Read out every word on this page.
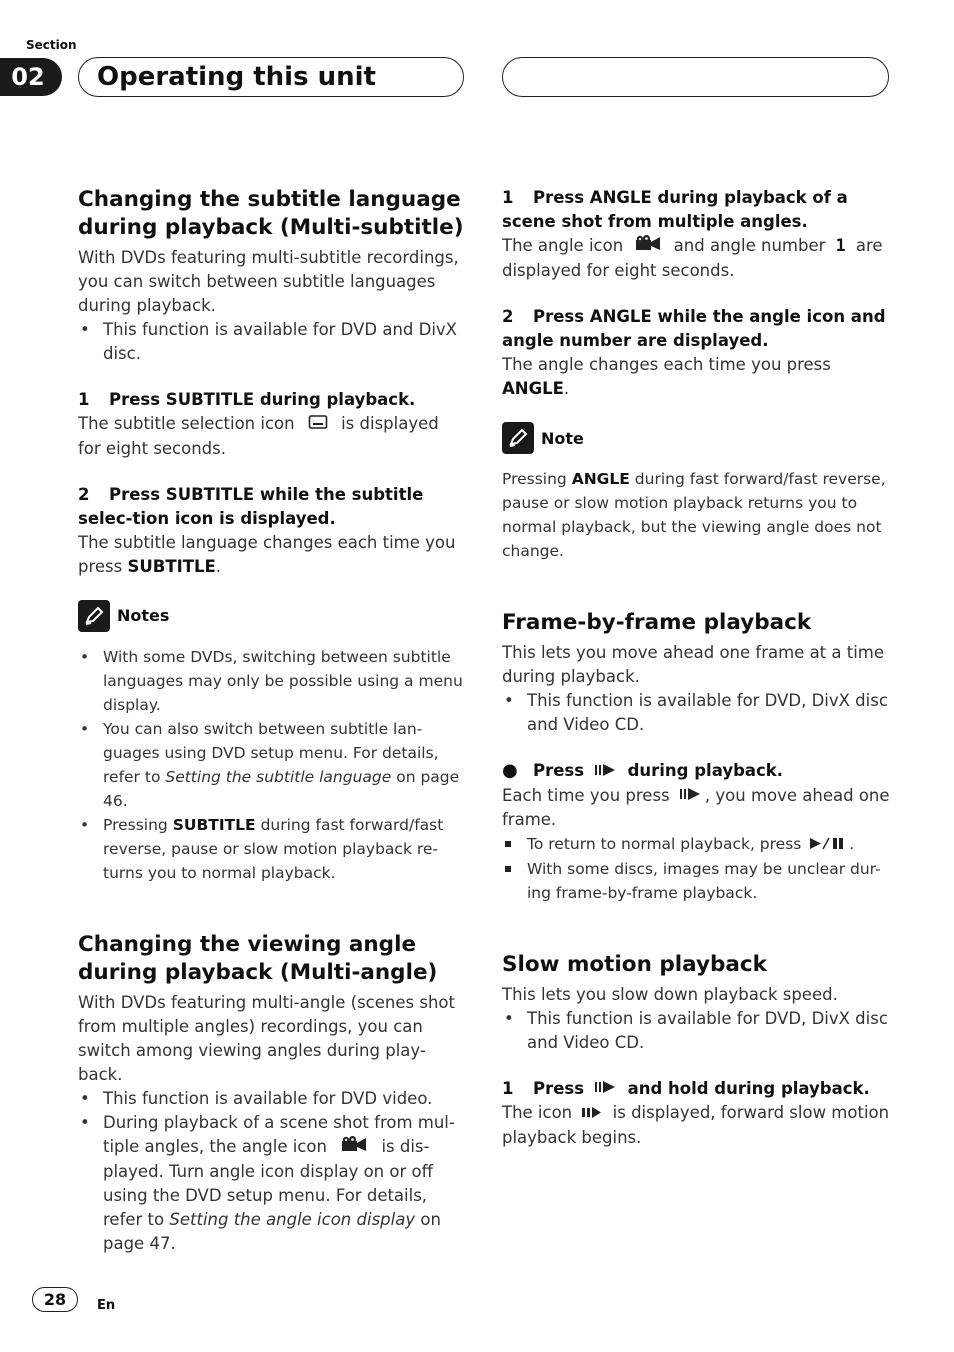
Section
02	Operating this unit
Changing the subtitle language during playback (Multi-subtitle)

With DVDs featuring multi-subtitle recordings, you can switch between subtitle languages during playback.

• This function is available for DVD and DivX disc.
1 Press SUBTITLE during playback.

The subtitle selection icon	is displayed for eight seconds.

2 Press SUBTITLE while the subtitle selec-tion icon is displayed.

The subtitle language changes each time you press SUBTITLE.

Notes
• With some DVDs, switching between subtitle languages may only be possible using a menu display.
• You can also switch between subtitle lan-guages using DVD setup menu. For details, refer to Setting the subtitle language on page 46.
• Pressing SUBTITLE during fast forward/fast reverse, pause or slow motion playback re-turns you to normal playback.
Changing the viewing angle during playback (Multi-angle)

With DVDs featuring multi-angle (scenes shot from multiple angles) recordings, you can switch among viewing angles during play-back.

• This function is available for DVD video.
• During playback of a scene shot from mul-tiple angles, the angle icon	is dis-played. Turn angle icon display on or off using the DVD setup menu. For details, refer to Setting the angle icon display on page 47.
1 Press ANGLE during playback of a scene shot from multiple angles.

The angle icon	and angle number 1 are displayed for eight seconds.

2 Press ANGLE while the angle icon and angle number are displayed.

The angle changes each time you press ANGLE.

Note

Pressing ANGLE during fast forward/fast reverse, pause or slow motion playback returns you to normal playback, but the viewing angle does not change.

Frame-by-frame playback

This lets you move ahead one frame at a time during playback.

• This function is available for DVD, DivX disc and Video CD.
● Press	during playback.

Each time you press , you move ahead one frame.

To return to normal playback, press	.
With some discs, images may be unclear dur-ing frame-by-frame playback.
Slow motion playback

This lets you slow down playback speed.

• This function is available for DVD, DivX disc and Video CD.
1 Press	and hold during playback.

The icon is displayed, forward slow motion playback begins.

28	En
